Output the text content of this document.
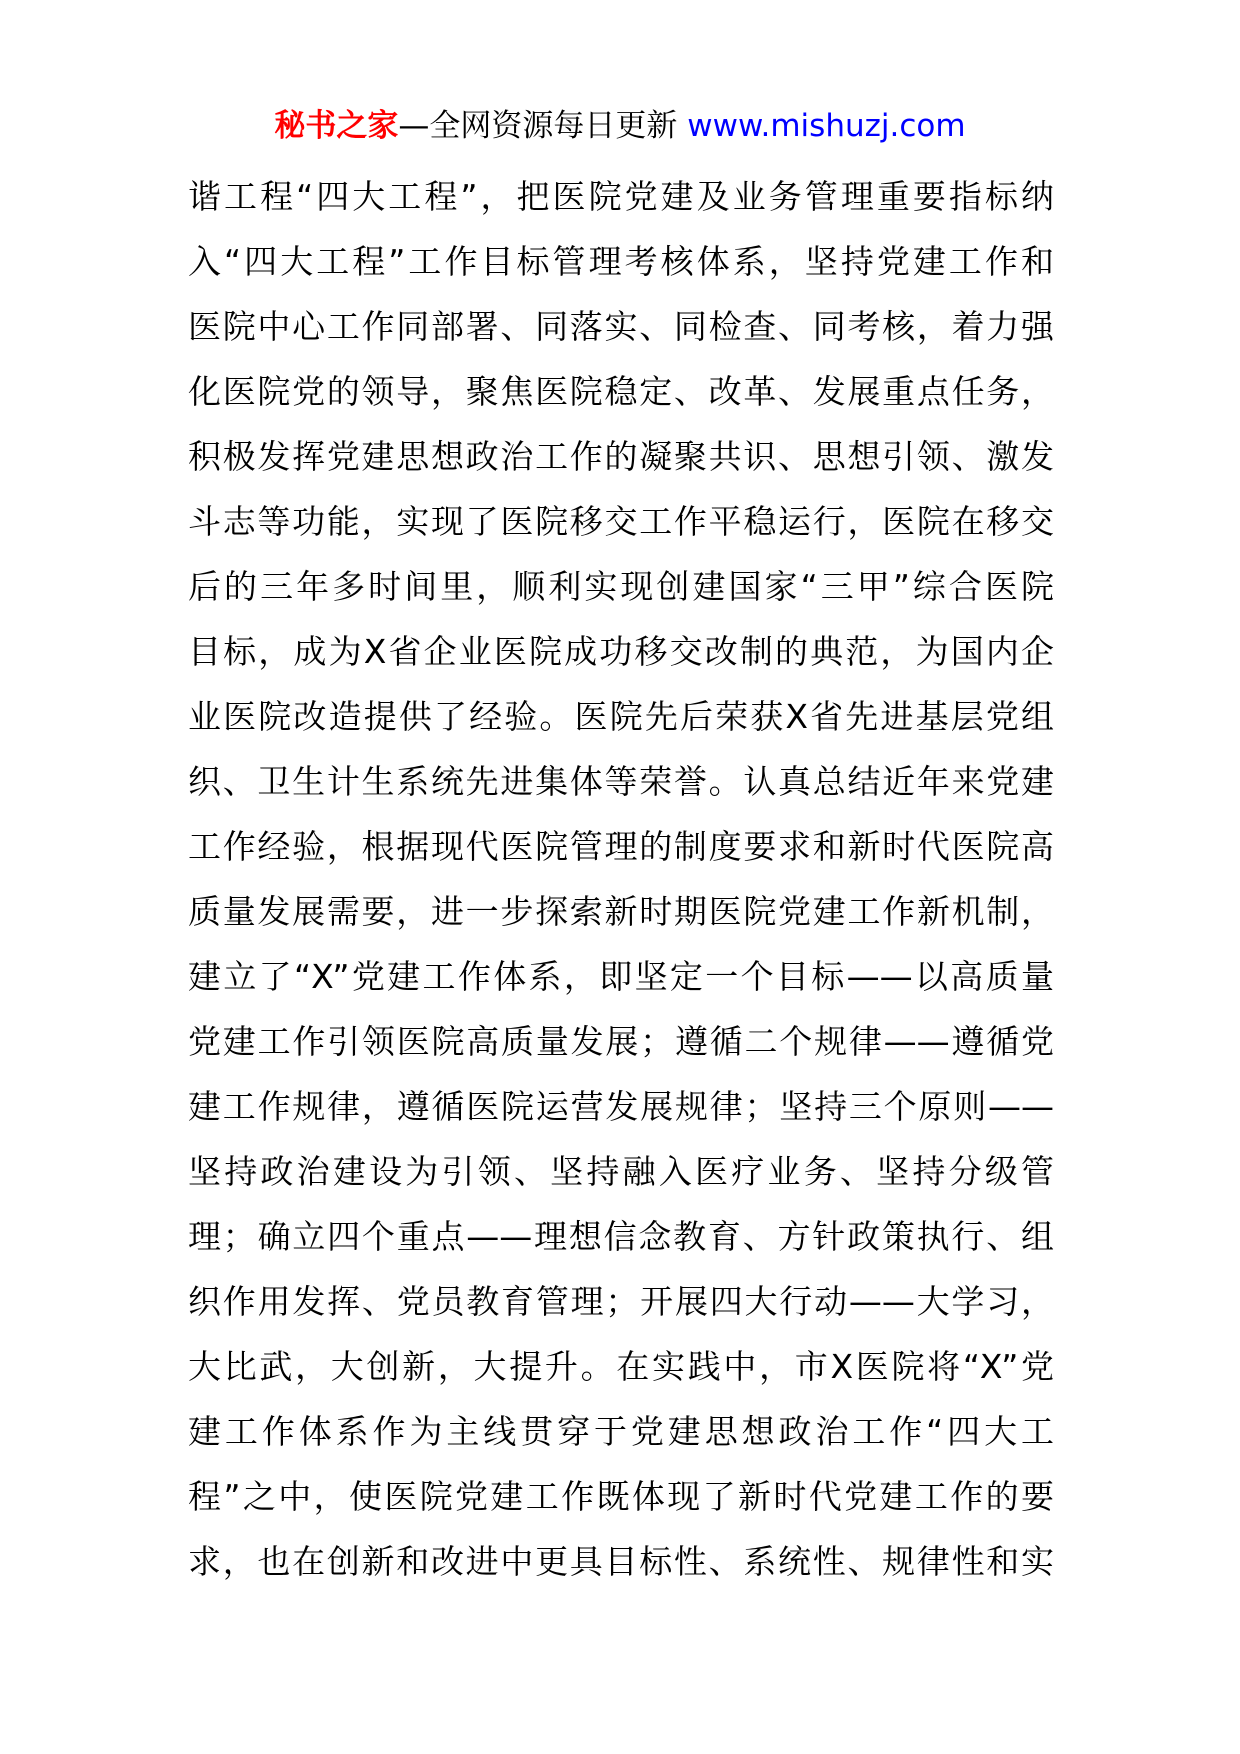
秘书之家—全网资源每日更新 www.mishuzj.com
谐工程“四大工程”，把医院党建及业务管理重要指标纳
入“四大工程”工作目标管理考核体系，坚持党建工作和
医院中心工作同部署、同落实、同检查、同考核，着力强
化医院党的领导，聚焦医院稳定、改革、发展重点任务，
积极发挥党建思想政治工作的凝聚共识、思想引领、激发
斗志等功能，实现了医院移交工作平稳运行，医院在移交
后的三年多时间里，顺利实现创建国家“三甲”综合医院
目标，成为X省企业医院成功移交改制的典范，为国内企
业医院改造提供了经验。医院先后荣获X省先进基层党组
织、卫生计生系统先进集体等荣誉。认真总结近年来党建
工作经验，根据现代医院管理的制度要求和新时代医院高
质量发展需要，进一步探索新时期医院党建工作新机制，
建立了“X”党建工作体系，即坚定一个目标——以高质量
党建工作引领医院高质量发展；遵循二个规律——遵循党
建工作规律，遵循医院运营发展规律；坚持三个原则——
坚持政治建设为引领、坚持融入医疗业务、坚持分级管
理；确立四个重点——理想信念教育、方针政策执行、组
织作用发挥、党员教育管理；开展四大行动——大学习，
大比武，大创新，大提升。在实践中，市X医院将“X”党
建工作体系作为主线贯穿于党建思想政治工作“四大工
程”之中，使医院党建工作既体现了新时代党建工作的要
求，也在创新和改进中更具目标性、系统性、规律性和实
